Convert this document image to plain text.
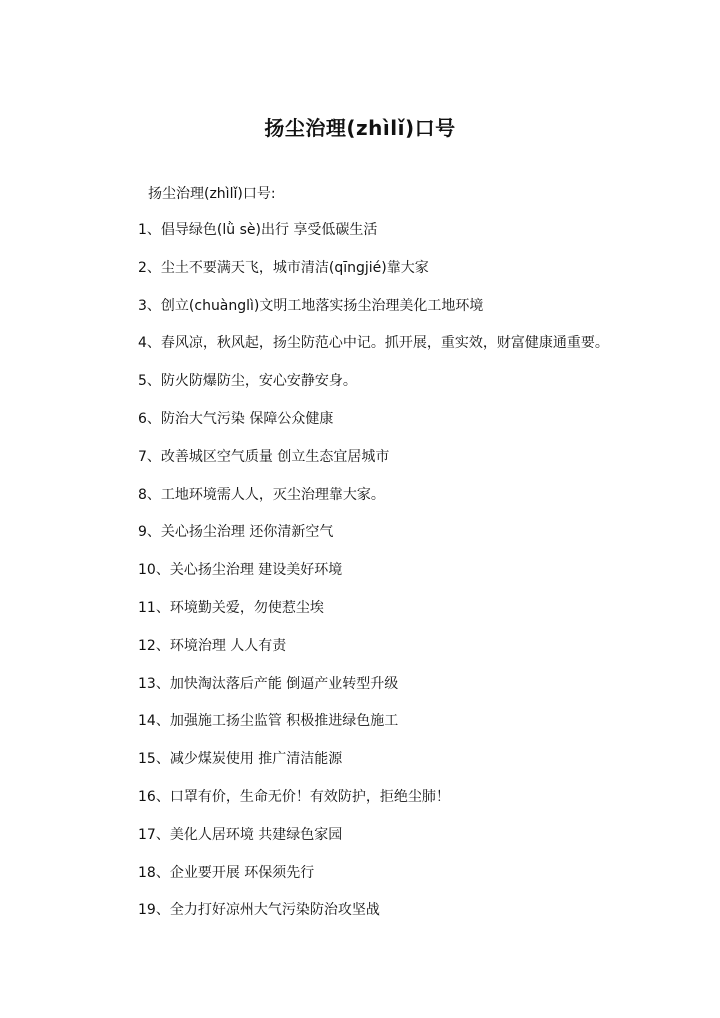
扬尘治理(zhìlǐ)口号
扬尘治理(zhìlǐ)口号:
1、倡导绿色(lǜ sè)出行 享受低碳生活
2、尘土不要满天飞，城市清洁(qīngjié)靠大家
3、创立(chuànglì)文明工地落实扬尘治理美化工地环境
4、春风凉，秋风起，扬尘防范心中记。抓开展，重实效，财富健康通重要。
5、防火防爆防尘，安心安静安身。
6、防治大气污染 保障公众健康
7、改善城区空气质量 创立生态宜居城市
8、工地环境需人人，灭尘治理靠大家。
9、关心扬尘治理 还你清新空气
10、关心扬尘治理 建设美好环境
11、环境勤关爱，勿使惹尘埃
12、环境治理 人人有责
13、加快淘汰落后产能 倒逼产业转型升级
14、加强施工扬尘监管 积极推进绿色施工
15、减少煤炭使用 推广清洁能源
16、口罩有价，生命无价！有效防护，拒绝尘肺！
17、美化人居环境 共建绿色家园
18、企业要开展 环保须先行
19、全力打好凉州大气污染防治攻坚战
